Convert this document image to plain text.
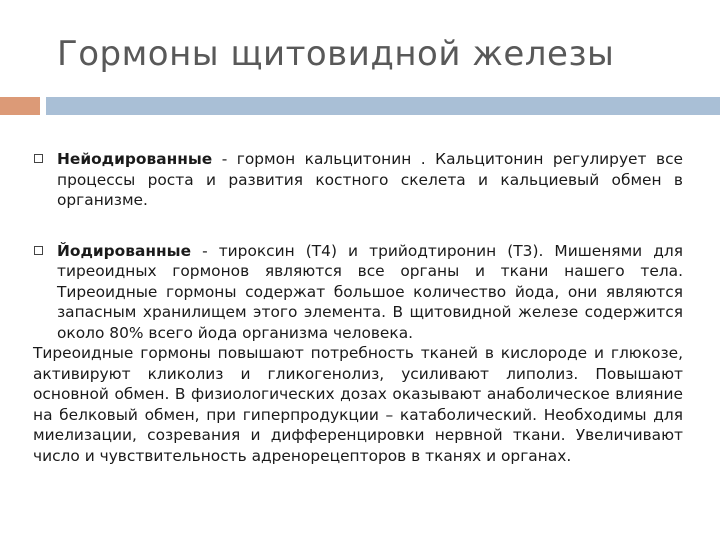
Гормоны щитовидной железы
Нейодированные - гормон кальцитонин . Кальцитонин регулирует все процессы роста и развития костного скелета и кальциевый обмен в организме.
Йодированные - тироксин (Т4) и трийодтиронин (Т3). Мишенями для тиреоидных гормонов являются все органы и ткани нашего тела. Тиреоидные гормоны содержат большое количество йода, они являются запасным хранилищем этого элемента. В щитовидной железе содержится около 80% всего йода организма человека.

Тиреоидные гормоны повышают потребность тканей в кислороде и глюкозе, активируют кликолиз и гликогенолиз, усиливают липолиз. Повышают основной обмен. В физиологических дозах оказывают анаболическое влияние на белковый обмен, при гиперпродукции – катаболический. Необходимы для миелизации, созревания и дифференцировки нервной ткани. Увеличивают число и чувствительность адренорецепторов в тканях и органах.
